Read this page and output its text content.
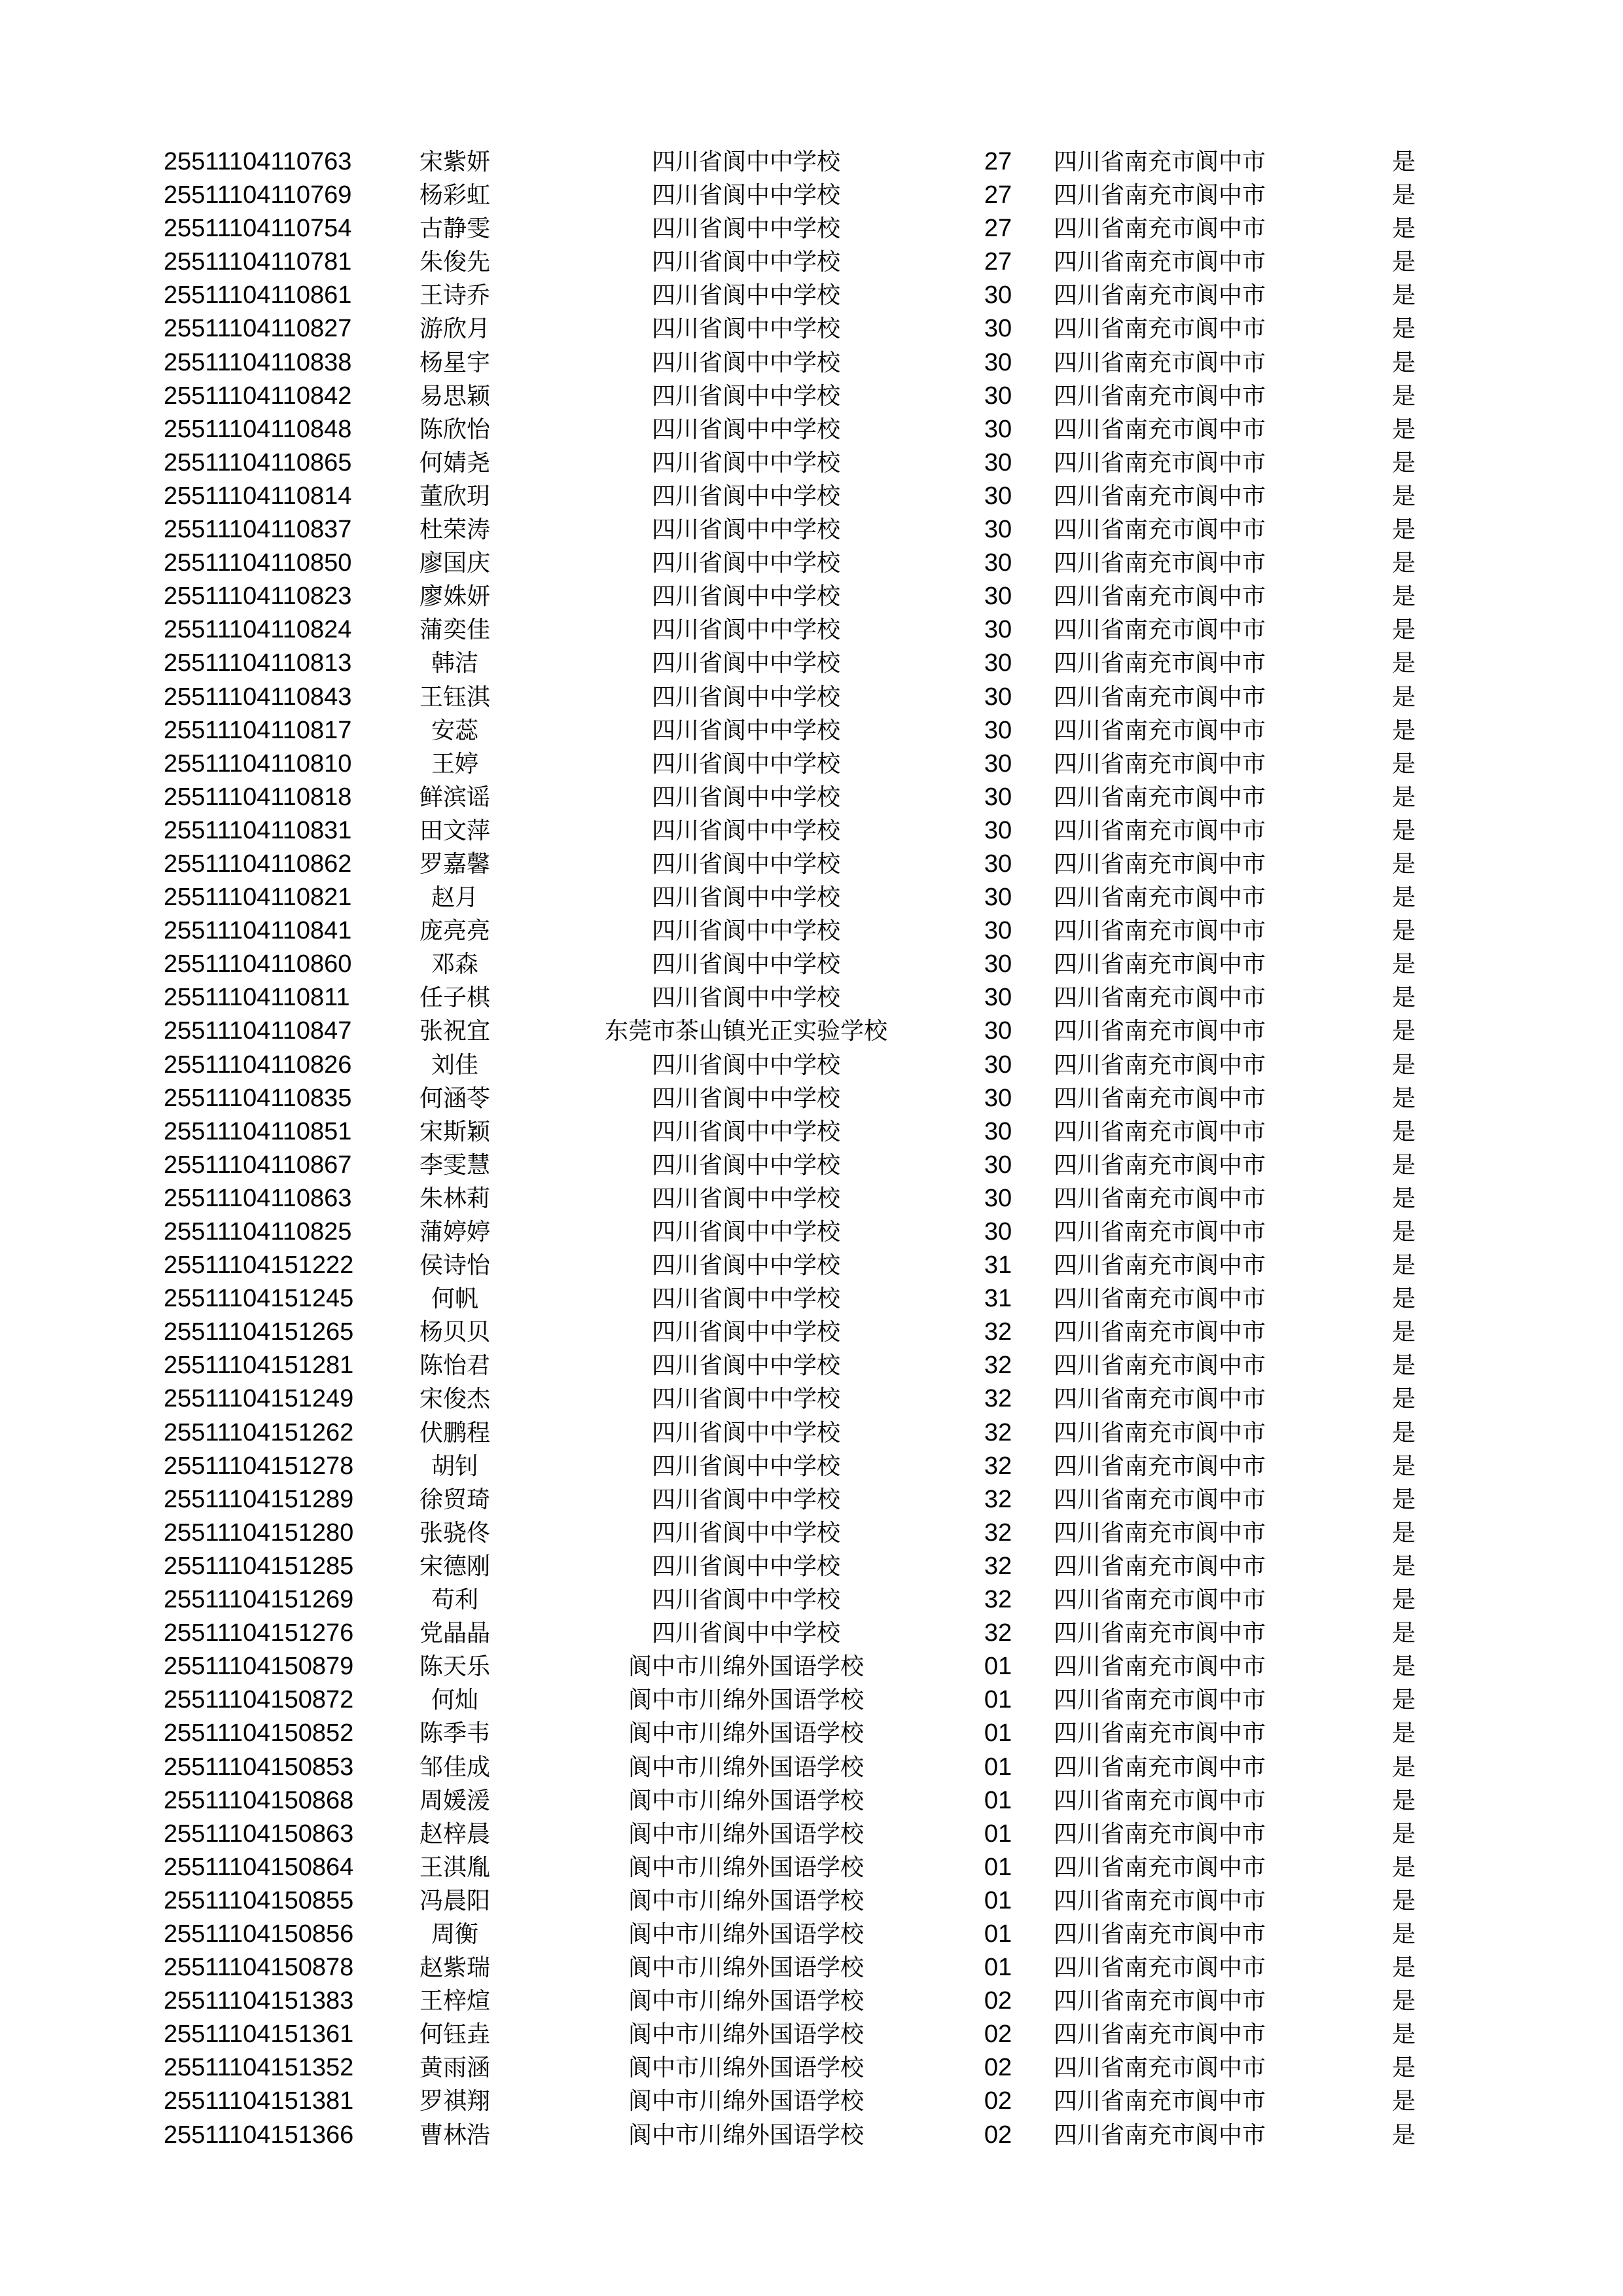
25511104110763	宋紫妍	四川省阆中中学校	27	四川省南充市阆中市	是
25511104110769	杨彩虹	四川省阆中中学校	27	四川省南充市阆中市	是
25511104110754	古静雯	四川省阆中中学校	27	四川省南充市阆中市	是
25511104110781	朱俊先	四川省阆中中学校	27	四川省南充市阆中市	是
25511104110861	王诗乔	四川省阆中中学校	30	四川省南充市阆中市	是
25511104110827	游欣月	四川省阆中中学校	30	四川省南充市阆中市	是
25511104110838	杨星宇	四川省阆中中学校	30	四川省南充市阆中市	是
25511104110842	易思颖	四川省阆中中学校	30	四川省南充市阆中市	是
25511104110848	陈欣怡	四川省阆中中学校	30	四川省南充市阆中市	是
25511104110865	何婧尧	四川省阆中中学校	30	四川省南充市阆中市	是
25511104110814	董欣玥	四川省阆中中学校	30	四川省南充市阆中市	是
25511104110837	杜荣涛	四川省阆中中学校	30	四川省南充市阆中市	是
25511104110850	廖国庆	四川省阆中中学校	30	四川省南充市阆中市	是
25511104110823	廖姝妍	四川省阆中中学校	30	四川省南充市阆中市	是
25511104110824	蒲奕佳	四川省阆中中学校	30	四川省南充市阆中市	是
25511104110813	韩洁	四川省阆中中学校	30	四川省南充市阆中市	是
25511104110843	王钰淇	四川省阆中中学校	30	四川省南充市阆中市	是
25511104110817	安蕊	四川省阆中中学校	30	四川省南充市阆中市	是
25511104110810	王婷	四川省阆中中学校	30	四川省南充市阆中市	是
25511104110818	鲜滨谣	四川省阆中中学校	30	四川省南充市阆中市	是
25511104110831	田文萍	四川省阆中中学校	30	四川省南充市阆中市	是
25511104110862	罗嘉馨	四川省阆中中学校	30	四川省南充市阆中市	是
25511104110821	赵月	四川省阆中中学校	30	四川省南充市阆中市	是
25511104110841	庞亮亮	四川省阆中中学校	30	四川省南充市阆中市	是
25511104110860	邓森	四川省阆中中学校	30	四川省南充市阆中市	是
25511104110811	任子棋	四川省阆中中学校	30	四川省南充市阆中市	是
25511104110847	张祝宜	东莞市茶山镇光正实验学校	30	四川省南充市阆中市	是
25511104110826	刘佳	四川省阆中中学校	30	四川省南充市阆中市	是
25511104110835	何涵苓	四川省阆中中学校	30	四川省南充市阆中市	是
25511104110851	宋斯颖	四川省阆中中学校	30	四川省南充市阆中市	是
25511104110867	李雯慧	四川省阆中中学校	30	四川省南充市阆中市	是
25511104110863	朱林莉	四川省阆中中学校	30	四川省南充市阆中市	是
25511104110825	蒲婷婷	四川省阆中中学校	30	四川省南充市阆中市	是
25511104151222	侯诗怡	四川省阆中中学校	31	四川省南充市阆中市	是
25511104151245	何帆	四川省阆中中学校	31	四川省南充市阆中市	是
25511104151265	杨贝贝	四川省阆中中学校	32	四川省南充市阆中市	是
25511104151281	陈怡君	四川省阆中中学校	32	四川省南充市阆中市	是
25511104151249	宋俊杰	四川省阆中中学校	32	四川省南充市阆中市	是
25511104151262	伏鹏程	四川省阆中中学校	32	四川省南充市阆中市	是
25511104151278	胡钊	四川省阆中中学校	32	四川省南充市阆中市	是
25511104151289	徐贸琦	四川省阆中中学校	32	四川省南充市阆中市	是
25511104151280	张骁佟	四川省阆中中学校	32	四川省南充市阆中市	是
25511104151285	宋德刚	四川省阆中中学校	32	四川省南充市阆中市	是
25511104151269	苟利	四川省阆中中学校	32	四川省南充市阆中市	是
25511104151276	党晶晶	四川省阆中中学校	32	四川省南充市阆中市	是
25511104150879	陈天乐	阆中市川绵外国语学校	01	四川省南充市阆中市	是
25511104150872	何灿	阆中市川绵外国语学校	01	四川省南充市阆中市	是
25511104150852	陈季韦	阆中市川绵外国语学校	01	四川省南充市阆中市	是
25511104150853	邹佳成	阆中市川绵外国语学校	01	四川省南充市阆中市	是
25511104150868	周媛湲	阆中市川绵外国语学校	01	四川省南充市阆中市	是
25511104150863	赵梓晨	阆中市川绵外国语学校	01	四川省南充市阆中市	是
25511104150864	王淇胤	阆中市川绵外国语学校	01	四川省南充市阆中市	是
25511104150855	冯晨阳	阆中市川绵外国语学校	01	四川省南充市阆中市	是
25511104150856	周衡	阆中市川绵外国语学校	01	四川省南充市阆中市	是
25511104150878	赵紫瑞	阆中市川绵外国语学校	01	四川省南充市阆中市	是
25511104151383	王梓煊	阆中市川绵外国语学校	02	四川省南充市阆中市	是
25511104151361	何钰垚	阆中市川绵外国语学校	02	四川省南充市阆中市	是
25511104151352	黄雨涵	阆中市川绵外国语学校	02	四川省南充市阆中市	是
25511104151381	罗祺翔	阆中市川绵外国语学校	02	四川省南充市阆中市	是
25511104151366	曹林浩	阆中市川绵外国语学校	02	四川省南充市阆中市	是
